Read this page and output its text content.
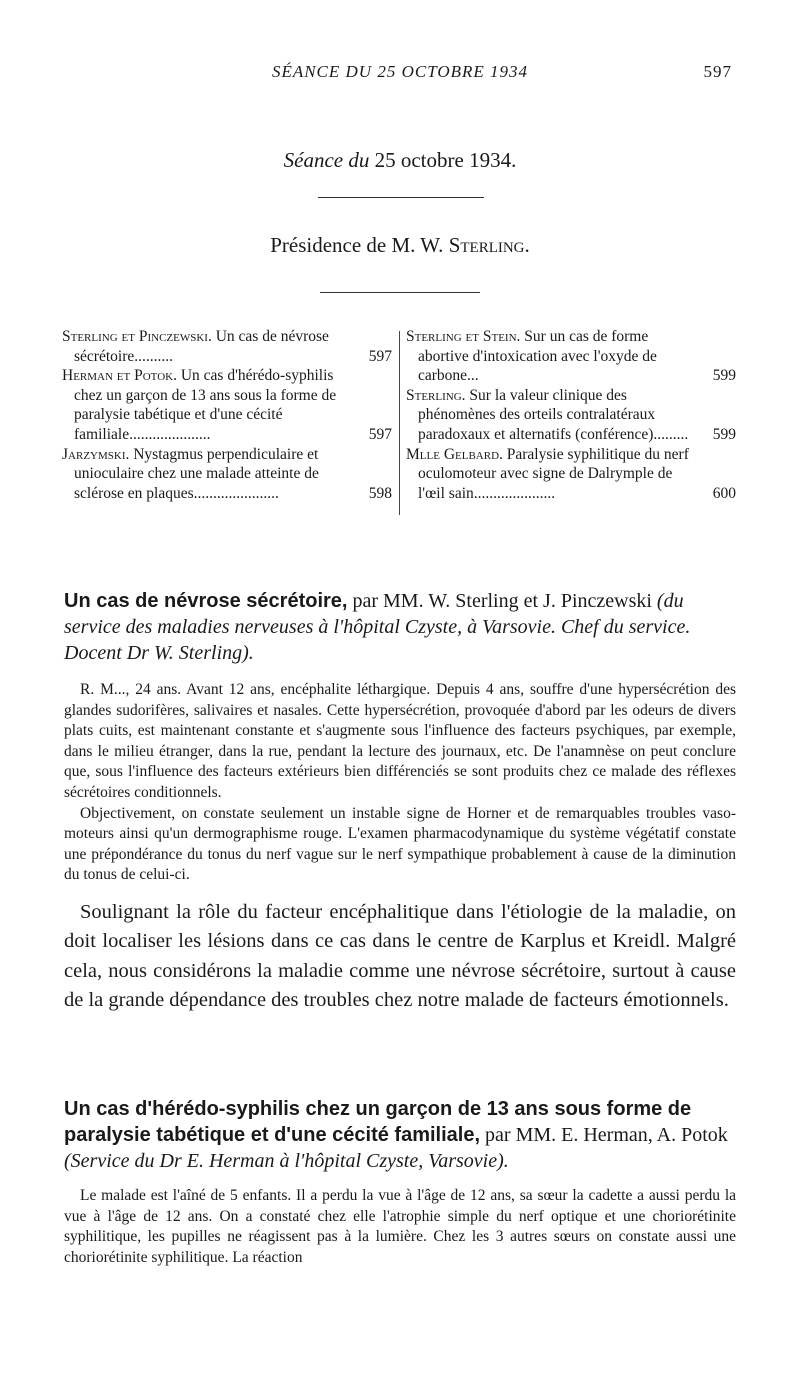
SÉANCE DU 25 OCTOBRE 1934	597
Séance du 25 octobre 1934.
Présidence de M. W. Sterling.
Sterling et Pinczewski. Un cas de névrose sécrétoire..........	597
Herman et Potok. Un cas d'hérédo-syphilis chez un garçon de 13 ans sous la forme de paralysie tabétique et d'une cécité familiale.....................	597
Jarzymski. Nystagmus perpendiculaire et unioculaire chez une malade atteinte de sclérose en plaques......................	598
Sterling et Stein. Sur un cas de forme abortive d'intoxication avec l'oxyde de carbone...	599
Sterling. Sur la valeur clinique des phénomènes des orteils contralatéraux paradoxaux et alternatifs (conférence)......... 599
Mlle Gelbard. Paralysie syphilitique du nerf oculomoteur avec signe de Dalrymple de l'œil sain.....................	600
Un cas de névrose sécrétoire, par MM. W. Sterling et J. Pinczewski (du service des maladies nerveuses à l'hôpital Czyste, à Varsovie. Chef du service. Docent Dr W. Sterling).

R. M..., 24 ans. Avant 12 ans, encéphalite léthargique. Depuis 4 ans, souffre d'une hypersécrétion des glandes sudorifères, salivaires et nasales. Cette hypersécrétion, provoquée d'abord par les odeurs de divers plats cuits, est maintenant constante et s'augmente sous l'influence des facteurs psychiques, par exemple, dans le milieu étranger, dans la rue, pendant la lecture des journaux, etc. De l'anamnèse on peut conclure que, sous l'influence des facteurs extérieurs bien différenciés se sont produits chez ce malade des réflexes sécrétoires conditionnels.

Objectivement, on constate seulement un instable signe de Horner et de remarquables troubles vaso-moteurs ainsi qu'un dermographisme rouge. L'examen pharmacodynamique du système végétatif constate une prépondérance du tonus du nerf vague sur le nerf sympathique probablement à cause de la diminution du tonus de celui-ci.

Soulignant la rôle du facteur encéphalitique dans l'étiologie de la maladie, on doit localiser les lésions dans ce cas dans le centre de Karplus et Kreidl. Malgré cela, nous considérons la maladie comme une névrose sécrétoire, surtout à cause de la grande dépendance des troubles chez notre malade de facteurs émotionnels.

Un cas d'hérédo-syphilis chez un garçon de 13 ans sous forme de paralysie tabétique et d'une cécité familiale, par MM. E. Herman, A. Potok (Service du Dr E. Herman à l'hôpital Czyste, Varsovie).

Le malade est l'aîné de 5 enfants. Il a perdu la vue à l'âge de 12 ans, sa sœur la cadette a aussi perdu la vue à l'âge de 12 ans. On a constaté chez elle l'atrophie simple du nerf optique et une choriorétinite syphilitique, les pupilles ne réagissent pas à la lumière. Chez les 3 autres sœurs on constate aussi une choriorétinite syphilitique. La réaction
